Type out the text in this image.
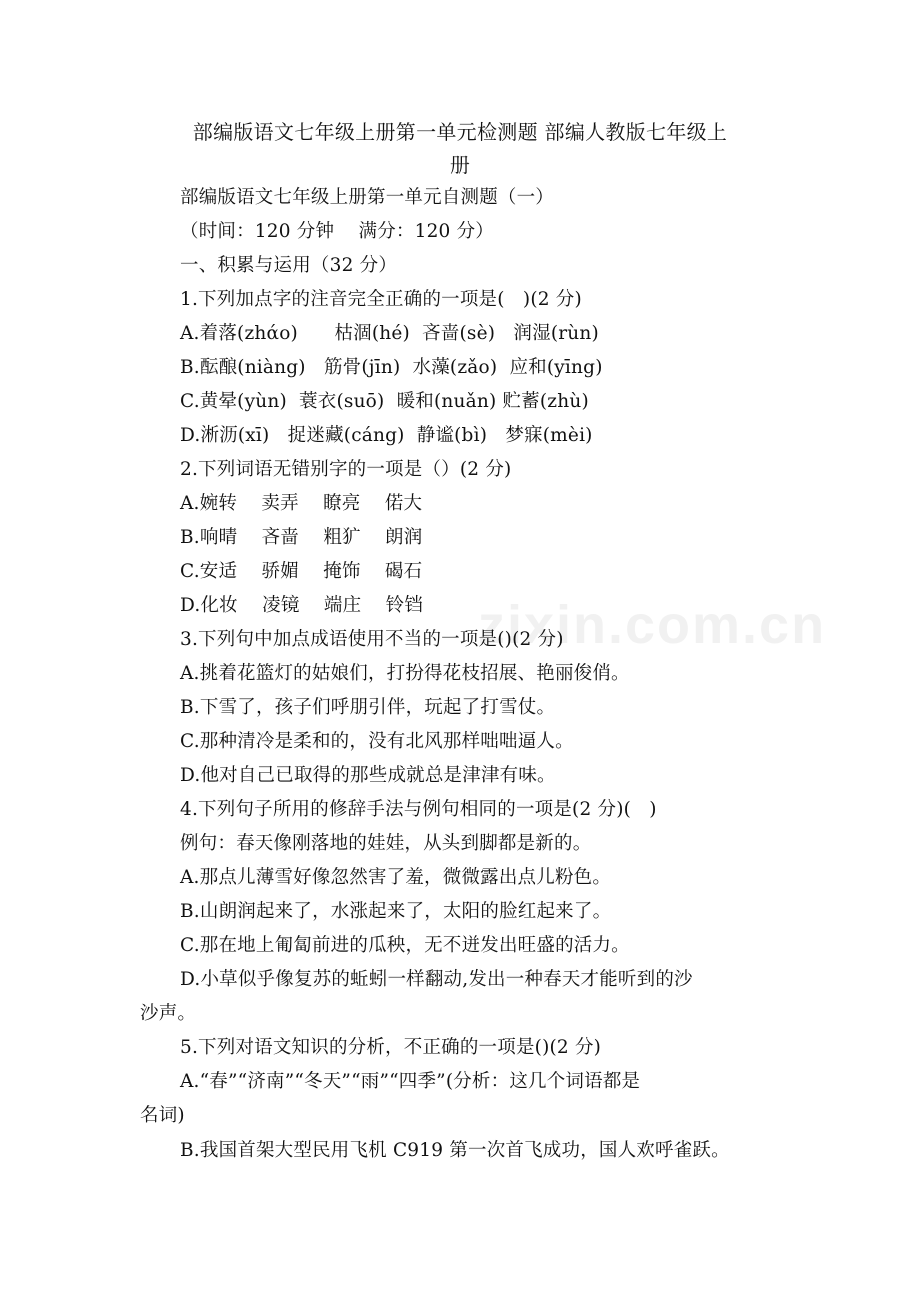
zixin.com.cn
部编版语文七年级上册第一单元检测题 部编人教版七年级上
册
部编版语文七年级上册第一单元自测题（一）
（时间：120 分钟    满分：120 分）
一、积累与运用（32 分）
1.下列加点字的注音完全正确的一项是(   )(2 分)
A.着落(zhάo)      枯涸(hé)  吝啬(sè)   润湿(rùn)
B.酝酿(niàng)   筋骨(jīn)  水藻(zǎo)  应和(yīng)
C.黄晕(yùn)  蓑衣(suō)  暖和(nuǎn) 贮蓄(zhù)
D.淅沥(xī)   捉迷藏(cáng)  静谧(bì)   梦寐(mèi)
2.下列词语无错别字的一项是（）(2 分)
A.婉转    卖弄    瞭亮    偌大
B.响晴    吝啬    粗犷    朗润
C.安适    骄媚    掩饰    碣石
D.化妆    凌镜    端庄    铃铛
3.下列句中加点成语使用不当的一项是()(2 分)
A.挑着花篮灯的姑娘们，打扮得花枝招展、艳丽俊俏。
B.下雪了，孩子们呼朋引伴，玩起了打雪仗。
C.那种清冷是柔和的，没有北风那样咄咄逼人。
D.他对自己已取得的那些成就总是津津有味。
4.下列句子所用的修辞手法与例句相同的一项是(2 分)(   )
例句：春天像刚落地的娃娃，从头到脚都是新的。
A.那点儿薄雪好像忽然害了羞，微微露出点儿粉色。
B.山朗润起来了，水涨起来了，太阳的脸红起来了。
C.那在地上匍匐前进的瓜秧，无不迸发出旺盛的活力。
D.小草似乎像复苏的蚯蚓一样翻动,发出一种春天才能听到的沙
沙声。
5.下列对语文知识的分析，不正确的一项是()(2 分)
A.“春”“济南”“冬天”“雨”“四季”(分析：这几个词语都是
名词)
B.我国首架大型民用飞机 C919 第一次首飞成功，国人欢呼雀跃。
